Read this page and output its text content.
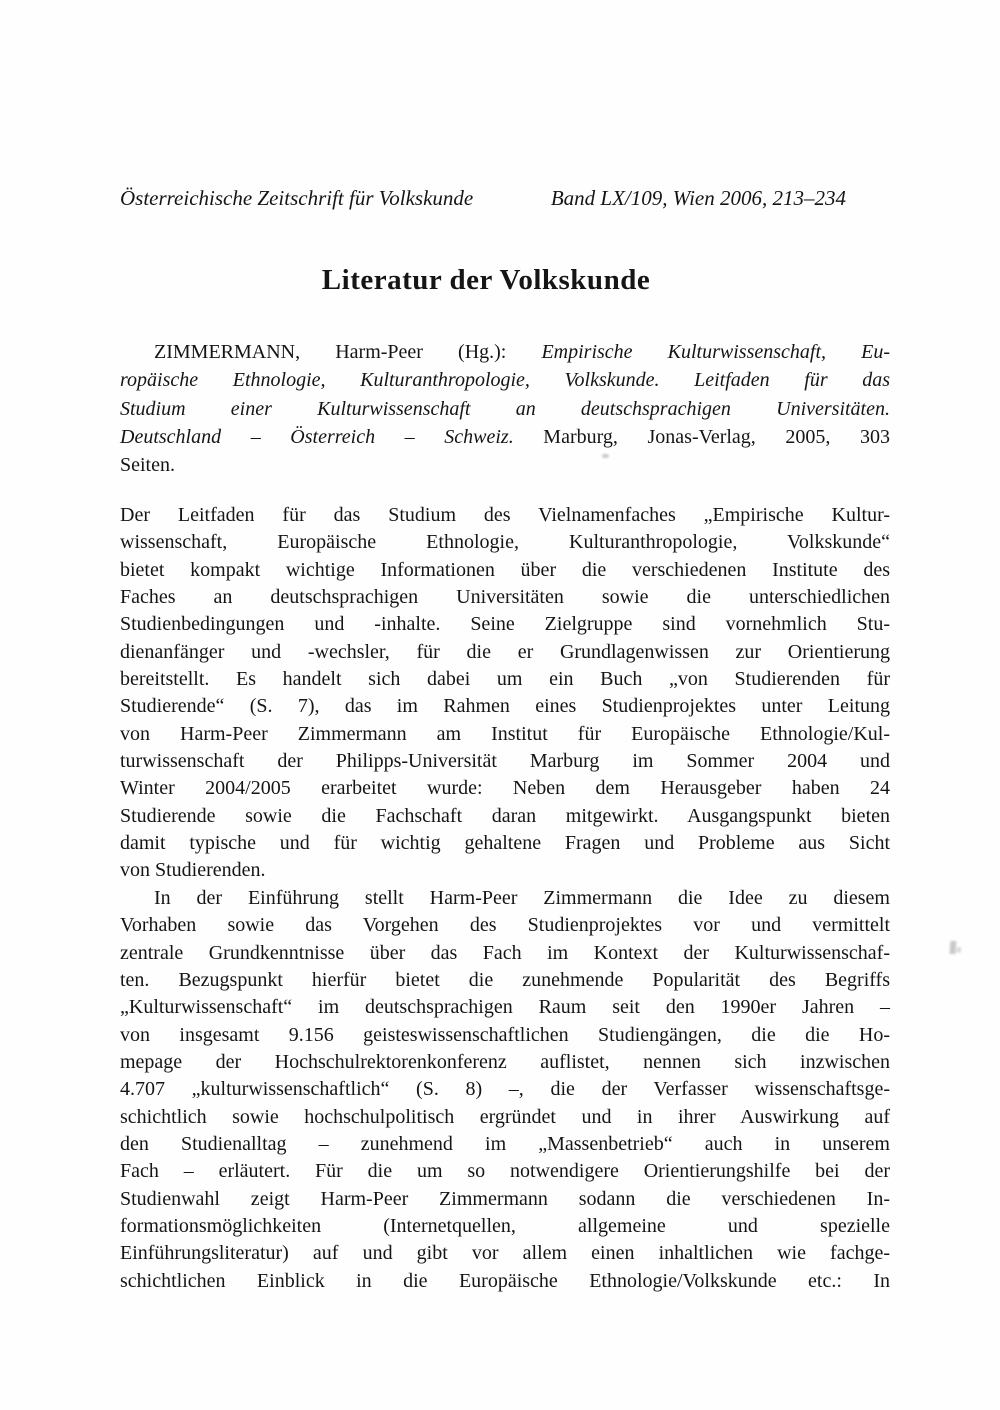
Österreichische Zeitschrift für Volkskunde	Band LX/109, Wien 2006, 213–234
Literatur der Volkskunde
ZIMMERMANN, Harm-Peer (Hg.): Empirische Kulturwissenschaft, Eu-
ropäische Ethnologie, Kulturanthropologie, Volkskunde. Leitfaden für das
Studium einer Kulturwissenschaft an deutschsprachigen Universitäten.
Deutschland – Österreich – Schweiz. Marburg, Jonas-Verlag, 2005, 303
Seiten.
Der Leitfaden für das Studium des Vielnamenfaches „Empirische Kultur-
wissenschaft, Europäische Ethnologie, Kulturanthropologie, Volkskunde“
bietet kompakt wichtige Informationen über die verschiedenen Institute des
Faches an deutschsprachigen Universitäten sowie die unterschiedlichen
Studienbedingungen und -inhalte. Seine Zielgruppe sind vornehmlich Stu-
dienanfänger und -wechsler, für die er Grundlagenwissen zur Orientierung
bereitstellt. Es handelt sich dabei um ein Buch „von Studierenden für
Studierende“ (S. 7), das im Rahmen eines Studienprojektes unter Leitung
von Harm-Peer Zimmermann am Institut für Europäische Ethnologie/Kul-
turwissenschaft der Philipps-Universität Marburg im Sommer 2004 und
Winter 2004/2005 erarbeitet wurde: Neben dem Herausgeber haben 24
Studierende sowie die Fachschaft daran mitgewirkt. Ausgangspunkt bieten
damit typische und für wichtig gehaltene Fragen und Probleme aus Sicht
von Studierenden.
In der Einführung stellt Harm-Peer Zimmermann die Idee zu diesem
Vorhaben sowie das Vorgehen des Studienprojektes vor und vermittelt
zentrale Grundkenntnisse über das Fach im Kontext der Kulturwissenschaf-
ten. Bezugspunkt hierfür bietet die zunehmende Popularität des Begriffs
„Kulturwissenschaft“ im deutschsprachigen Raum seit den 1990er Jahren –
von insgesamt 9.156 geisteswissenschaftlichen Studiengängen, die die Ho-
mepage der Hochschulrektorenkonferenz auflistet, nennen sich inzwischen
4.707 „kulturwissenschaftlich“ (S. 8) –, die der Verfasser wissenschaftsge-
schichtlich sowie hochschulpolitisch ergründet und in ihrer Auswirkung auf
den Studienalltag – zunehmend im „Massenbetrieb“ auch in unserem
Fach – erläutert. Für die um so notwendigere Orientierungshilfe bei der
Studienwahl zeigt Harm-Peer Zimmermann sodann die verschiedenen In-
formationsmöglichkeiten (Internetquellen, allgemeine und spezielle
Einführungsliteratur) auf und gibt vor allem einen inhaltlichen wie fachge-
schichtlichen Einblick in die Europäische Ethnologie/Volkskunde etc.: In
